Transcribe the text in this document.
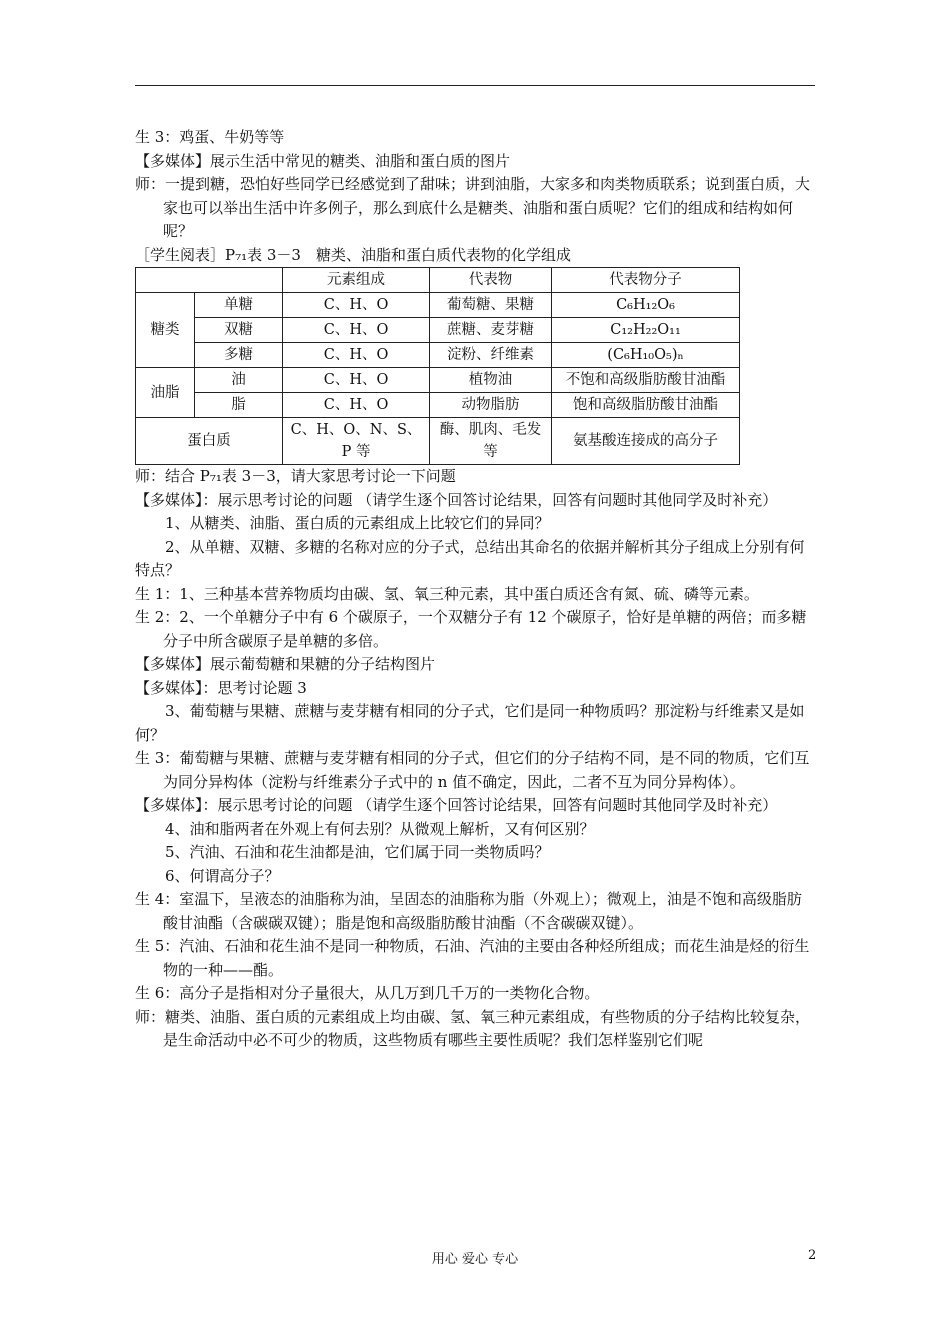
生 3：鸡蛋、牛奶等等

【多媒体】展示生活中常见的糖类、油脂和蛋白质的图片

师：一提到糖，恐怕好些同学已经感觉到了甜味；讲到油脂，大家多和肉类物质联系；说到蛋白质，大家也可以举出生活中许多例子，那么到底什么是糖类、油脂和蛋白质呢？它们的组成和结构如何呢？

［学生阅表］P₇₁表 3－3　糖类、油脂和蛋白质代表物的化学组成

		元素组成	代表物	代表物分子
糖类	单糖	C、H、O	葡萄糖、果糖	C₆H₁₂O₆
	双糖	C、H、O	蔗糖、麦芽糖	C₁₂H₂₂O₁₁
	多糖	C、H、O	淀粉、纤维素	(C₆H₁₀O₅)ₙ
油脂	油	C、H、O	植物油	不饱和高级脂肪酸甘油酯
	脂	C、H、O	动物脂肪	饱和高级脂肪酸甘油酯
蛋白质		C、H、O、N、S、P 等	酶、肌肉、毛发等	氨基酸连接成的高分子

师：结合 P₇₁表 3－3，请大家思考讨论一下问题

【多媒体】：展示思考讨论的问题 （请学生逐个回答讨论结果，回答有问题时其他同学及时补充）

1、从糖类、油脂、蛋白质的元素组成上比较它们的异同？

2、从单糖、双糖、多糖的名称对应的分子式，总结出其命名的依据并解析其分子组成上分别有何特点？

生 1：1、三种基本营养物质均由碳、氢、氧三种元素，其中蛋白质还含有氮、硫、磷等元素。

生 2：2、一个单糖分子中有 6 个碳原子，一个双糖分子有 12 个碳原子，恰好是单糖的两倍；而多糖分子中所含碳原子是单糖的多倍。

【多媒体】展示葡萄糖和果糖的分子结构图片

【多媒体】：思考讨论题 3

3、葡萄糖与果糖、蔗糖与麦芽糖有相同的分子式，它们是同一种物质吗？那淀粉与纤维素又是如何？

生 3：葡萄糖与果糖、蔗糖与麦芽糖有相同的分子式，但它们的分子结构不同，是不同的物质，它们互为同分异构体（淀粉与纤维素分子式中的 n 值不确定，因此，二者不互为同分异构体）。

【多媒体】：展示思考讨论的问题 （请学生逐个回答讨论结果，回答有问题时其他同学及时补充）

4、油和脂两者在外观上有何去别？从微观上解析，又有何区别？

5、汽油、石油和花生油都是油，它们属于同一类物质吗？

6、何谓高分子？

生 4：室温下，呈液态的油脂称为油，呈固态的油脂称为脂（外观上）；微观上，油是不饱和高级脂肪酸甘油酯（含碳碳双键）；脂是饱和高级脂肪酸甘油酯（不含碳碳双键）。

生 5：汽油、石油和花生油不是同一种物质，石油、汽油的主要由各种烃所组成；而花生油是烃的衍生物的一种——酯。

生 6：高分子是指相对分子量很大，从几万到几千万的一类物化合物。

师：糖类、油脂、蛋白质的元素组成上均由碳、氢、氧三种元素组成，有些物质的分子结构比较复杂，是生命活动中必不可少的物质，这些物质有哪些主要性质呢？我们怎样鉴别它们呢

用心 爱心 专心	2
